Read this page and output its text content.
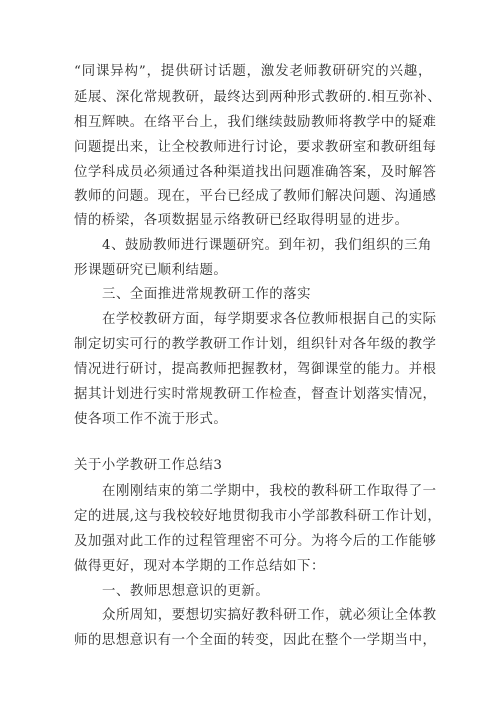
“同课异构”，提供研讨话题，激发老师教研研究的兴趣，
延展、深化常规教研，最终达到两种形式教研的.相互弥补、
相互辉映。在络平台上，我们继续鼓励教师将教学中的疑难
问题提出来，让全校教师进行讨论，要求教研室和教研组每
位学科成员必须通过各种渠道找出问题准确答案，及时解答
教师的问题。现在，平台已经成了教师们解决问题、沟通感
情的桥梁，各项数据显示络教研已经取得明显的进步。
4、鼓励教师进行课题研究。到年初，我们组织的三角
形课题研究已顺利结题。
三、全面推进常规教研工作的落实
在学校教研方面，每学期要求各位教师根据自己的实际
制定切实可行的教学教研工作计划，组织针对各年级的教学
情况进行研讨，提高教师把握教材，驾御课堂的能力。并根
据其计划进行实时常规教研工作检查，督查计划落实情况，
使各项工作不流于形式。
关于小学教研工作总结3
在刚刚结束的第二学期中，我校的教科研工作取得了一
定的进展,这与我校较好地贯彻我市小学部教科研工作计划，
及加强对此工作的过程管理密不可分。为将今后的工作能够
做得更好，现对本学期的工作总结如下：
一、教师思想意识的更新。
众所周知，要想切实搞好教科研工作，就必须让全体教
师的思想意识有一个全面的转变，因此在整个一学期当中，
